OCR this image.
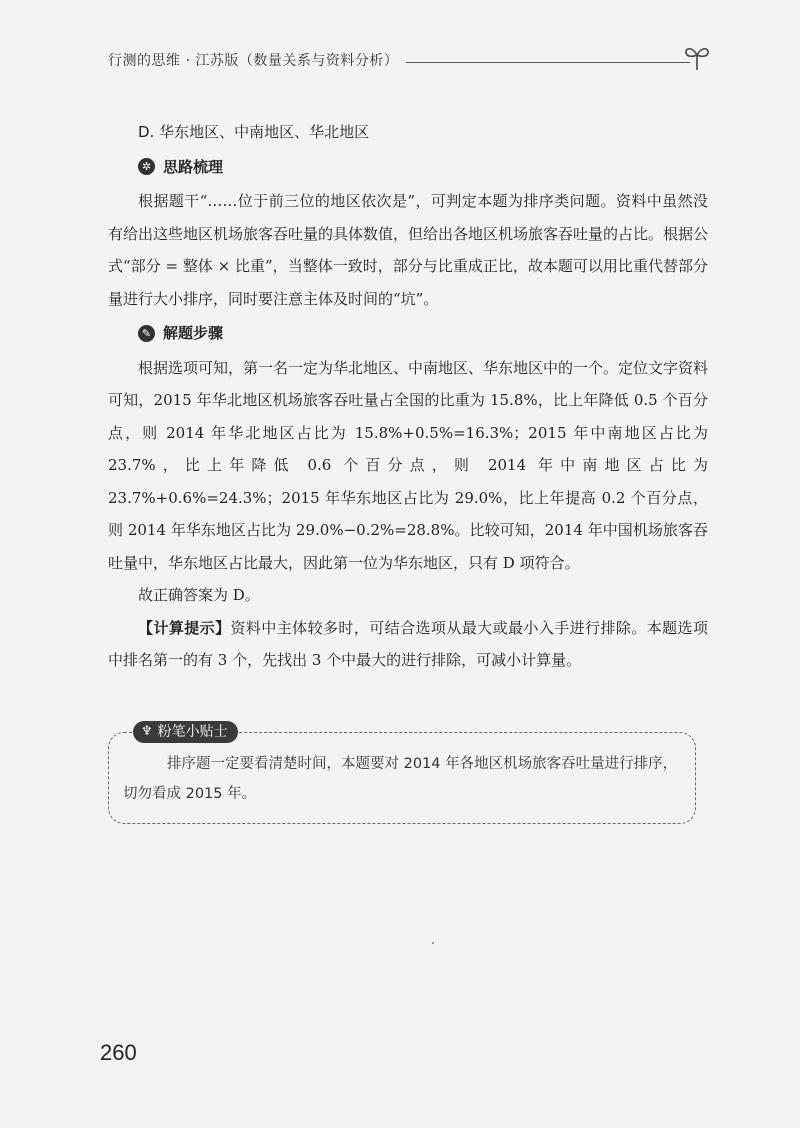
行测的思维 · 江苏版（数量关系与资料分析）

D. 华东地区、中南地区、华北地区

✲ 思路梳理

根据题干“……位于前三位的地区依次是”，可判定本题为排序类问题。资料中虽然没有给出这些地区机场旅客吞吐量的具体数值，但给出各地区机场旅客吞吐量的占比。根据公式“部分 = 整体 × 比重”，当整体一致时，部分与比重成正比，故本题可以用比重代替部分量进行大小排序，同时要注意主体及时间的“坑”。

✎ 解题步骤

根据选项可知，第一名一定为华北地区、中南地区、华东地区中的一个。定位文字资料可知，2015 年华北地区机场旅客吞吐量占全国的比重为 15.8%，比上年降低 0.5 个百分点，则 2014 年华北地区占比为 15.8%+0.5%=16.3%；2015 年中南地区占比为 23.7%，比上年降低 0.6 个百分点，则 2014 年中南地区占比为 23.7%+0.6%=24.3%；2015 年华东地区占比为 29.0%，比上年提高 0.2 个百分点，则 2014 年华东地区占比为 29.0%−0.2%=28.8%。比较可知，2014 年中国机场旅客吞吐量中，华东地区占比最大，因此第一位为华东地区，只有 D 项符合。

故正确答案为 D。

【计算提示】资料中主体较多时，可结合选项从最大或最小入手进行排除。本题选项中排名第一的有 3 个，先找出 3 个中最大的进行排除，可减小计算量。

♆ 粉笔小贴士
排序题一定要看清楚时间，本题要对 2014 年各地区机场旅客吞吐量进行排序，切勿看成 2015 年。
260
